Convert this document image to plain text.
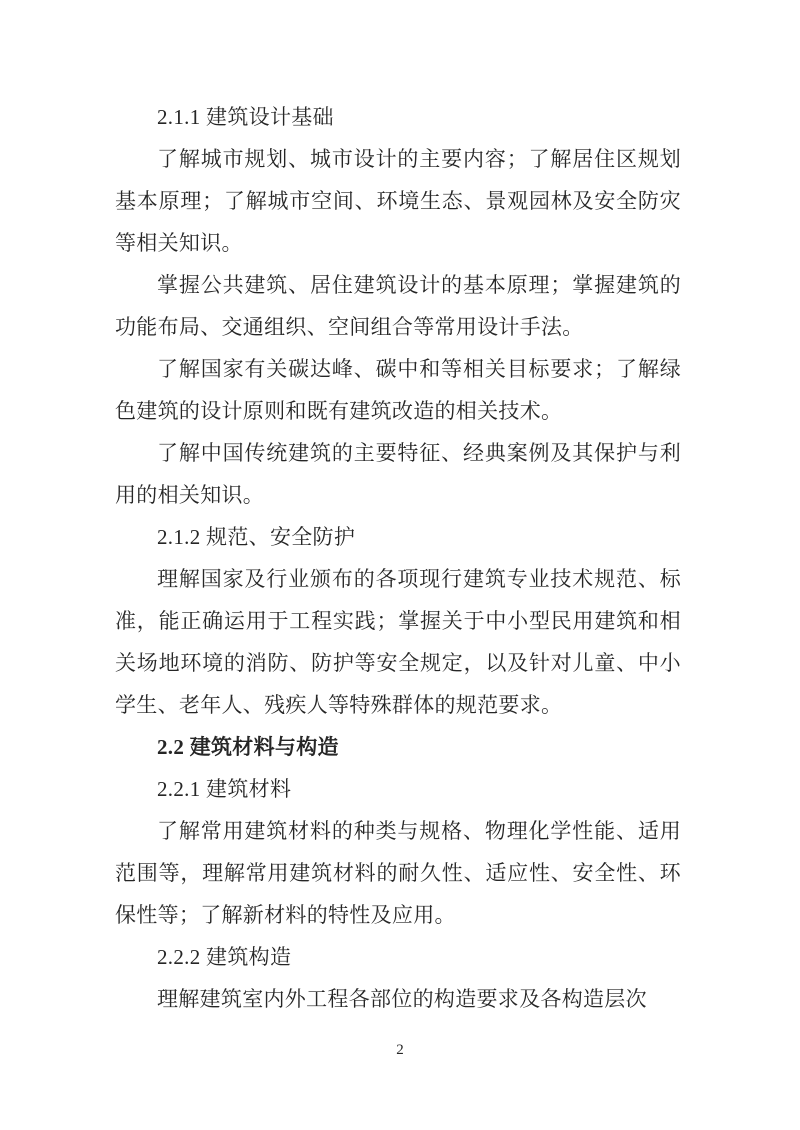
2.1.1 建筑设计基础

了解城市规划、城市设计的主要内容；了解居住区规划基本原理；了解城市空间、环境生态、景观园林及安全防灾等相关知识。

掌握公共建筑、居住建筑设计的基本原理；掌握建筑的功能布局、交通组织、空间组合等常用设计手法。

了解国家有关碳达峰、碳中和等相关目标要求；了解绿色建筑的设计原则和既有建筑改造的相关技术。

了解中国传统建筑的主要特征、经典案例及其保护与利用的相关知识。

2.1.2 规范、安全防护

理解国家及行业颁布的各项现行建筑专业技术规范、标准，能正确运用于工程实践；掌握关于中小型民用建筑和相关场地环境的消防、防护等安全规定，以及针对儿童、中小学生、老年人、残疾人等特殊群体的规范要求。

2.2 建筑材料与构造
2.2.1 建筑材料

了解常用建筑材料的种类与规格、物理化学性能、适用范围等，理解常用建筑材料的耐久性、适应性、安全性、环保性等；了解新材料的特性及应用。

2.2.2 建筑构造

理解建筑室内外工程各部位的构造要求及各构造层次

2
